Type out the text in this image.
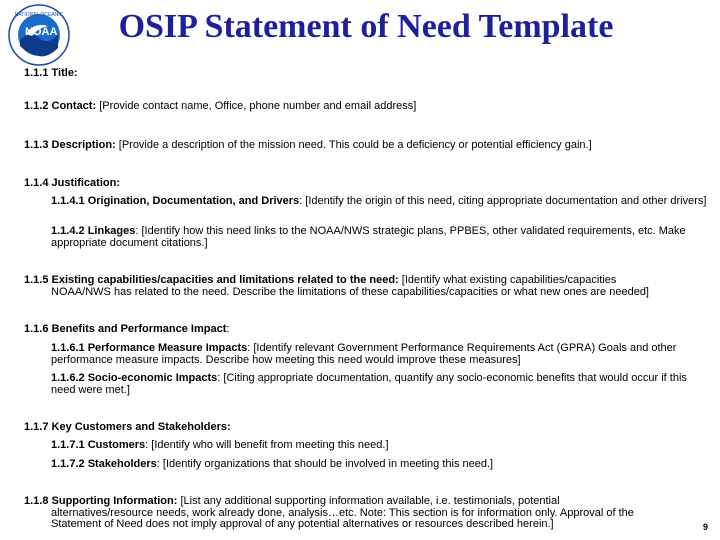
NATIONAL OCEANIC
NOAA	OSIP Statement of Need Template
1.1.1 Title:
1.1.2 Contact: [Provide contact name, Office, phone number and email address]
1.1.3 Description: [Provide a description of the mission need. This could be a deficiency or potential efficiency gain.]
1.1.4 Justification:
1.1.4.1 Origination, Documentation, and Drivers: [Identify the origin of this need, citing appropriate documentation and other drivers]
1.1.4.2 Linkages: [Identify how this need links to the NOAA/NWS strategic plans, PPBES, other validated requirements, etc. Make appropriate document citations.]
1.1.5 Existing capabilities/capacities and limitations related to the need: [Identify what existing capabilities/capacities
NOAA/NWS has related to the need. Describe the limitations of these capabilities/capacities or what new ones are needed]
1.1.6 Benefits and Performance Impact:
1.1.6.1 Performance Measure Impacts: [Identify relevant Government Performance Requirements Act (GPRA) Goals and other performance measure impacts. Describe how meeting this need would improve these measures]
1.1.6.2 Socio-economic Impacts: [Citing appropriate documentation, quantify any socio-economic benefits that would occur if this need were met.]
1.1.7 Key Customers and Stakeholders:
1.1.7.1 Customers: [Identify who will benefit from meeting this need.]
1.1.7.2 Stakeholders: [Identify organizations that should be involved in meeting this need.]
1.1.8 Supporting Information: [List any additional supporting information available, i.e. testimonials, potential
alternatives/resource needs, work already done, analysis…etc. Note: This section is for information only. Approval of the
Statement of Need does not imply approval of any potential alternatives or resources described herein.]	9
